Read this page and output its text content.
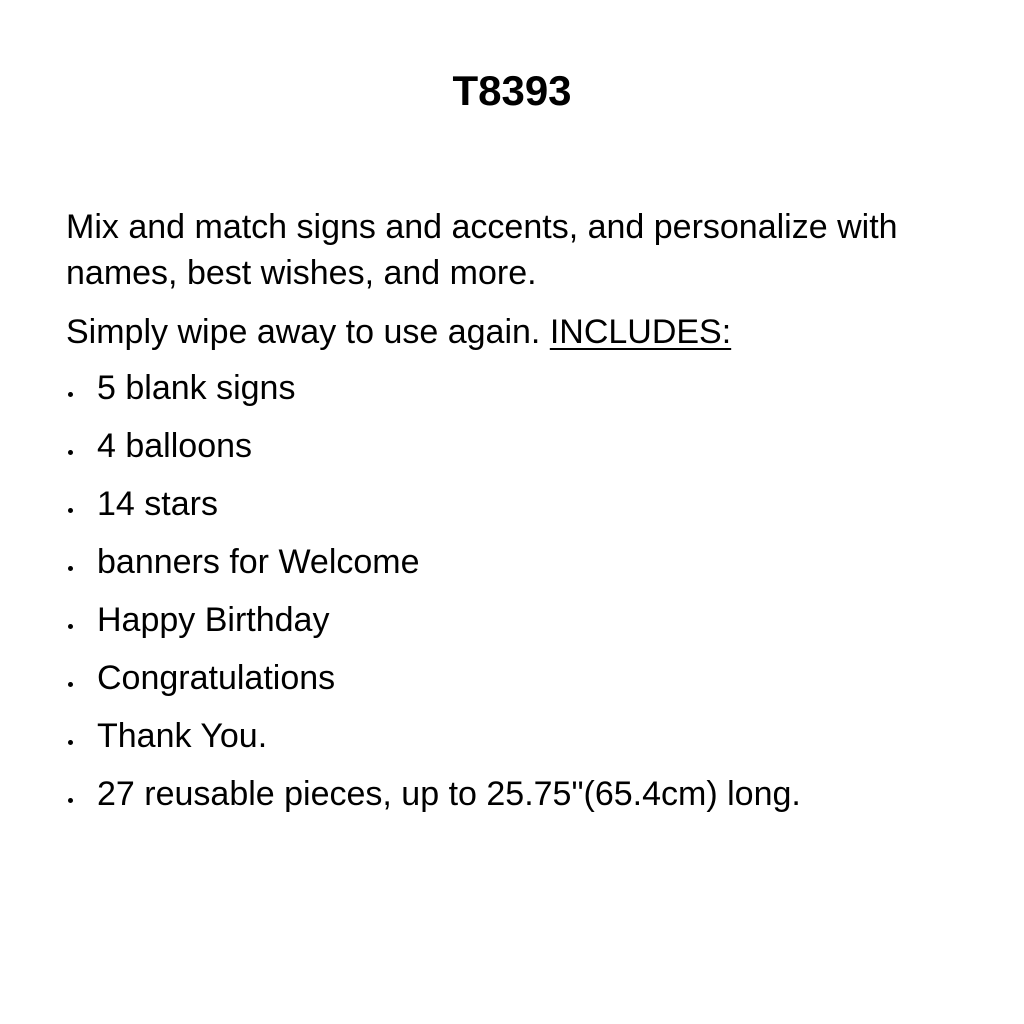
T8393

Mix and match signs and accents, and personalize with names, best wishes, and more.

Simply wipe away to use again. INCLUDES:

5 blank signs
4 balloons
14 stars
banners for Welcome
Happy Birthday
Congratulations
Thank You.
27 reusable pieces, up to 25.75"(65.4cm) long.
